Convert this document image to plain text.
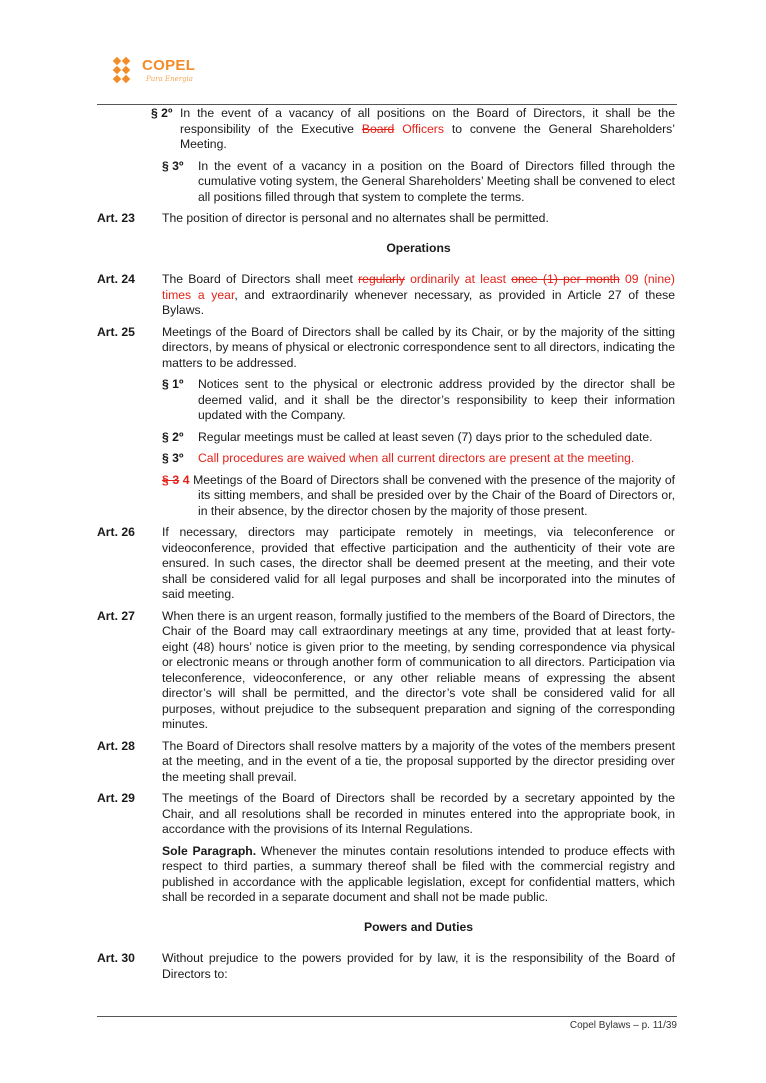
COPEL
Pura Energia
§ 2º In the event of a vacancy of all positions on the Board of Directors, it shall be the responsibility of the Executive Board Officers to convene the General Shareholders’ Meeting.

§ 3º In the event of a vacancy in a position on the Board of Directors filled through the cumulative voting system, the General Shareholders’ Meeting shall be convened to elect all positions filled through that system to complete the terms.

Art. 23 The position of director is personal and no alternates shall be permitted.

Operations
Art. 24 The Board of Directors shall meet regularly ordinarily at least once (1) per month 09 (nine) times a year, and extraordinarily whenever necessary, as provided in Article 27 of these Bylaws.

Art. 25 Meetings of the Board of Directors shall be called by its Chair, or by the majority of the sitting directors, by means of physical or electronic correspondence sent to all directors, indicating the matters to be addressed.

§ 1º Notices sent to the physical or electronic address provided by the director shall be deemed valid, and it shall be the director’s responsibility to keep their information updated with the Company.

§ 2º Regular meetings must be called at least seven (7) days prior to the scheduled date.

§ 3º Call procedures are waived when all current directors are present at the meeting.

§ 3 4 Meetings of the Board of Directors shall be convened with the presence of the majority of its sitting members, and shall be presided over by the Chair of the Board of Directors or, in their absence, by the director chosen by the majority of those present.

Art. 26 If necessary, directors may participate remotely in meetings, via teleconference or videoconference, provided that effective participation and the authenticity of their vote are ensured. In such cases, the director shall be deemed present at the meeting, and their vote shall be considered valid for all legal purposes and shall be incorporated into the minutes of said meeting.

Art. 27 When there is an urgent reason, formally justified to the members of the Board of Directors, the Chair of the Board may call extraordinary meetings at any time, provided that at least forty-eight (48) hours’ notice is given prior to the meeting, by sending correspondence via physical or electronic means or through another form of communication to all directors. Participation via teleconference, videoconference, or any other reliable means of expressing the absent director’s will shall be permitted, and the director’s vote shall be considered valid for all purposes, without prejudice to the subsequent preparation and signing of the corresponding minutes.

Art. 28 The Board of Directors shall resolve matters by a majority of the votes of the members present at the meeting, and in the event of a tie, the proposal supported by the director presiding over the meeting shall prevail.

Art. 29 The meetings of the Board of Directors shall be recorded by a secretary appointed by the Chair, and all resolutions shall be recorded in minutes entered into the appropriate book, in accordance with the provisions of its Internal Regulations.

Sole Paragraph. Whenever the minutes contain resolutions intended to produce effects with respect to third parties, a summary thereof shall be filed with the commercial registry and published in accordance with the applicable legislation, except for confidential matters, which shall be recorded in a separate document and shall not be made public.

Powers and Duties
Art. 30 Without prejudice to the powers provided for by law, it is the responsibility of the Board of Directors to:

Copel Bylaws – p. 11/39
